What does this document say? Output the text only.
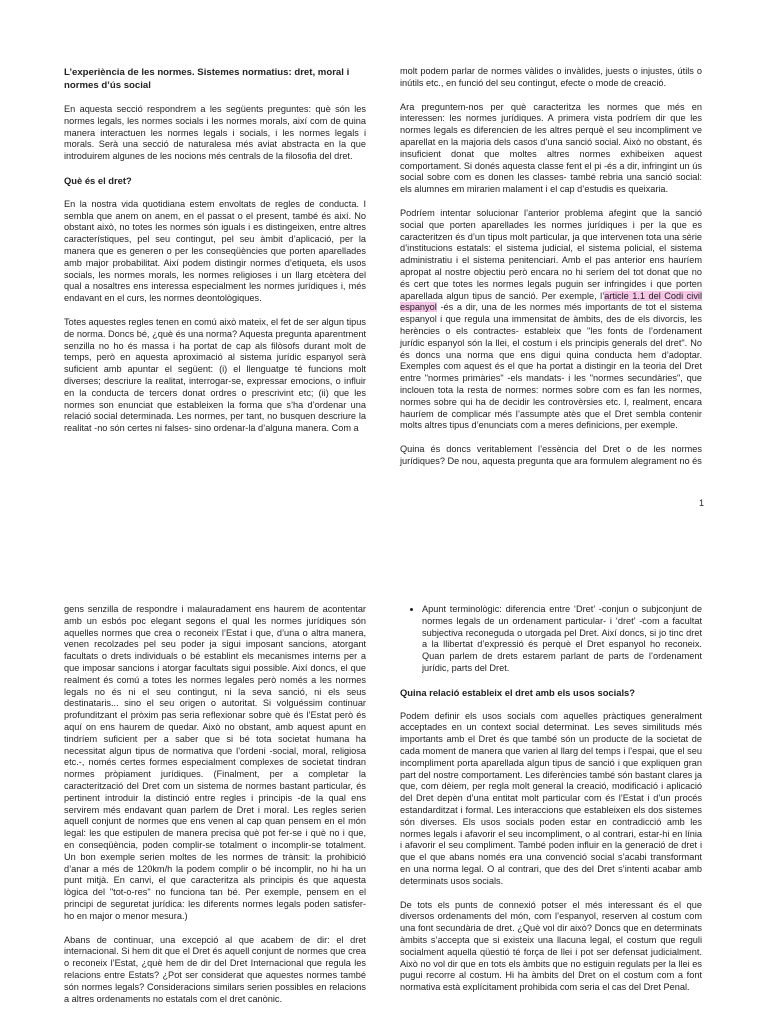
L’experiència de les normes. Sistemes normatius: dret, moral i normes d’ús social

En aquesta secció respondrem a les següents preguntes: què són les normes legals, les normes socials i les normes morals, així com de quina manera interactuen les normes legals i socials, i les normes legals i morals. Serà una secció de naturalesa més aviat abstracta en la que introduirem algunes de les nocions més centrals de la filosofia del dret.

Què és el dret?

En la nostra vida quotidiana estem envoltats de regles de conducta. I sembla que anem on anem, en el passat o el present, també és així. No obstant això, no totes les normes són iguals i es distingeixen, entre altres característiques, pel seu contingut, pel seu àmbit d’aplicació, per la manera que es generen o per les conseqüències que porten aparellades amb major probabilitat. Així podem distingir normes d’etiqueta, els usos socials, les normes morals, les normes religioses i un llarg etcètera del qual a nosaltres ens interessa especialment les normes jurídiques i, més endavant en el curs, les normes deontològiques.

Totes aquestes regles tenen en comú això mateix, el fet de ser algun tipus de norma. Doncs bé, ¿què és una norma? Aquesta pregunta aparentment senzilla no ho és massa i ha portat de cap als filòsofs durant molt de temps, però en aquesta aproximació al sistema jurídic espanyol serà suficient amb apuntar el següent: (i) el llenguatge té funcions molt diverses; descriure la realitat, interrogar-se, expressar emocions, o influir en la conducta de tercers donat ordres o prescrivint etc; (ii) que les normes son enunciat que estableixen la forma que s’ha d’ordenar una relació social determinada. Les normes, per tant, no busquen descriure la realitat -no són certes ni falses- sino ordenar-la d’alguna manera. Com a

molt podem parlar de normes vàlides o invàlides, juests o injustes, útils o inútils etc., en funció del seu contingut, efecte o mode de creació.

Ara preguntem-nos per què caracteritza les normes que més en interessen: les normes jurídiques. A primera vista podríem dir que les normes legals es diferencien de les altres perquè el seu incompliment ve aparellat en la majoria dels casos d’una sanció social. Això no obstant, és insuficient donat que moltes altres normes exhibeixen aquest comportament. Si donés aquesta classe fent el pi -és a dir, infringint un ús social sobre com es donen les classes- també rebria una sanció social: els alumnes em mirarien malament i el cap d’estudis es queixaria.

Podríem intentar solucionar l’anterior problema afegint que la sanció social que porten aparellades les normes jurídiques i per la que es caracteritzen és d’un tipus molt particular, ja que intervenen tota una sèrie d’institucions estatals: el sistema judicial, el sistema policial, el sistema administratiu i el sistema penitenciari. Amb el pas anterior ens hauríem apropat al nostre objectiu però encara no hi seríem del tot donat que no és cert que totes les normes legals puguin ser infringides i que porten aparellada algun tipus de sanció. Per exemple, l’article 1.1 del Codi civil espanyol -és a dir, una de les normes més importants de tot el sistema espanyol i que regula una immensitat de àmbits, des de els divorcis, les herències o els contractes- estableix que "les fonts de l’ordenament jurídic espanyol són la llei, el costum i els principis generals del dret". No és doncs una norma que ens digui quina conducta hem d’adoptar. Exemples com aquest és el que ha portat a distingir en la teoria del Dret entre "normes primàries" -els mandats- i les "normes secundàries", que inclouen tota la resta de normes: normes sobre com es fan les normes, normes sobre qui ha de decidir les controvèrsies etc. I, realment, encara hauríem de complicar més l’assumpte atès que el Dret sembla contenir molts altres tipus d’enunciats com a meres definicions, per exemple.

Quina és doncs veritablement l’essència del Dret o de les normes jurídiques? De nou, aquesta pregunta que ara formulem alegrament no és

1

gens senzilla de respondre i malauradament ens haurem de acontentar amb un esbós poc elegant segons el qual les normes jurídiques són aquelles normes que crea o reconeix l’Estat i que, d’una o altra manera, venen recolzades pel seu poder ja sigui imposant sancions, atorgant facultats o drets individuals o bé establint els mecanismes interns per a que imposar sancions i atorgar facultats sigui possible. Així doncs, el que realment és comú a totes les normes legales però només a les normes legals no és ni el seu contingut, ni la seva sanció, ni els seus destinataris... sino el seu origen o autoritat. Si volguéssim continuar profunditzant el pròxim pas seria reflexionar sobre què és l’Estat però és aquí on ens haurem de quedar. Això no obstant, amb aquest apunt en tindríem suficient per a saber que si bé tota societat humana ha necessitat algun tipus de normativa que l’ordeni -social, moral, religiosa etc.-, només certes formes especialment complexes de societat tindran normes pròpiament jurídiques. (Finalment, per a completar la caracterització del Dret com un sistema de normes bastant particular, és pertinent introduir la distinció entre regles i principis -de la qual ens servirem més endavant quan parlem de Dret i moral. Les regles serien aquell conjunt de normes que ens venen al cap quan pensem en el món legal: les que estipulen de manera precisa què pot fer-se i què no i que, en conseqüència, poden complir-se totalment o incomplir-se totalment. Un bon exemple serien moltes de les normes de trànsit: la prohibició d’anar a més de 120km/h la podem complir o bé incomplir, no hi ha un punt mitjà. En canvi, el que caracteritza als principis és que aquesta lògica del "tot-o-res" no funciona tan bé. Per exemple, pensem en el principi de seguretat jurídica: les diferents normes legals poden satisfer-ho en major o menor mesura.)

Abans de continuar, una excepció al que acabem de dir: el dret internacional. Si hem dit que el Dret és aquell conjunt de normes que crea o reconeix l’Estat, ¿què hem de dir del Dret Internacional que regula les relacions entre Estats? ¿Pot ser considerat que aquestes normes també són normes legals? Consideracions similars serien possibles en relacions a altres ordenaments no estatals com el dret canònic.

• Apunt terminològic: diferencia entre ‘Dret’ -conjun o subjconjunt de normes legals de un ordenament particular- i ‘dret’ -com a facultat subjectiva reconeguda o utorgada pel Dret. Així doncs, si jo tinc dret a la llibertat d’expressió és perquè el Dret espanyol ho reconeix. Quan parlem de drets estarem parlant de parts de l’ordenament jurídic, parts del Dret.

Quina relació estableix el dret amb els usos socials?

Podem definir els usos socials com aquelles pràctiques generalment acceptades en un context social determinat. Les seves similituds més importants amb el Dret és que també són un producte de la societat de cada moment de manera que varien al llarg del temps i l’espai, que el seu incompliment porta aparellada algun tipus de sanció i que expliquen gran part del nostre comportament. Les diferències també són bastant clares ja que, com dèiem, per regla molt general la creació, modificació i aplicació del Dret depèn d’una entitat molt particular com és l’Estat i d’un procés estandarditzat i formal. Les interaccions que estableixen els dos sistemes són diverses. Els usos socials poden estar en contradicció amb les normes legals i afavorir el seu incompliment, o al contrari, estar-hi en línia i afavorir el seu compliment. També poden influir en la generació de dret i que el que abans només era una convenció social s’acabi transformant en una norma legal. O al contrari, que des del Dret s’intenti acabar amb determinats usos socials.

De tots els punts de connexió potser el més interessant és el que diversos ordenaments del món, com l’espanyol, reserven al costum com una font secundària de dret. ¿Què vol dir això? Doncs que en determinats àmbits s’accepta que si existeix una llacuna legal, el costum que reguli socialment aquella qüestió té força de llei i pot ser defensat judicialment. Això no vol dir que en tots els àmbits que no estiguin regulats per la llei es pugui recorre al costum. Hi ha àmbits del Dret on el costum com a font normativa està explícitament prohibida com seria el cas del Dret Penal.
